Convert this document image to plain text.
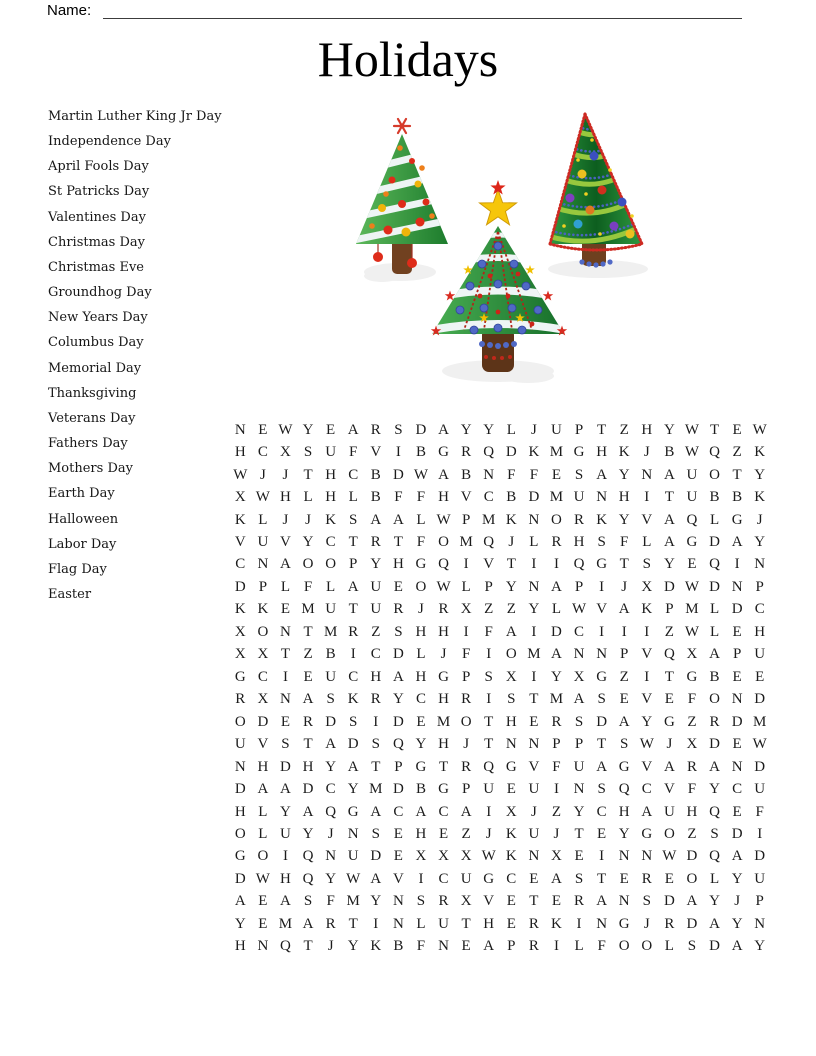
Name:
Holidays
Martin Luther King Jr Day
Independence Day
April Fools Day
St Patricks Day
Valentines Day
Christmas Day
Christmas Eve
Groundhog Day
New Years Day
Columbus Day
Memorial Day
Thanksgiving
Veterans Day
Fathers Day
Mothers Day
Earth Day
Halloween
Labor Day
Flag Day
Easter
N E W Y E A R S D A Y Y L	J U P T Z H Y W T E W
H C X S U F V I	B G R Q D K M G H K J B W Q Z K
W J	J	T H C B D W A B N F F E S A Y N A U O T Y
X W H L H L B F F H V C B D M U N H I	T U B B K
K L	J	J K S A A L W P M K N O R K Y V A Q L G J
V U V Y C T R T F O M Q J	L R H S F L A G D A Y
C N A O O P Y H G Q I V T	I	I Q G T S Y E Q I N
D P L F L A U E O W L P Y N A P	I	J X D W D N P
K K E M U T U R J R X Z Z Y L W V A K P M L D C
X O N T M R Z S H H I	F A I D C	I	I	I	Z W L E H
X X T Z B	I	C D L	J	F	I O M A N N P V Q X A P U
G C	I	E U C H A H G P S X I Y X G Z	I	T G B E E
R X N A S K R Y C H R	I	S T M A S E V E F O N D
O D E R D S	I D E M O T H E R S D A Y G Z R D M
U V S T A D S Q Y H J	T N N P P T S W J X D E W
N H D H Y A T P G T R Q G V F U A G V A R A N D
D A A D C Y M D B G P U E U I N S Q C V F Y C U
H L Y A Q G A C A C A I X J	Z Y C H A U H Q E F
O L U Y J N S E H E Z	J K U J	T E Y G O Z S D I
G O I Q N U D E X X X W K N X E	I N N W D Q A D
D W H Q Y W A V I	C U G C E A S T E R E O L Y U
A E A S F M Y N S R X V E T E R A N S D A Y J	P
Y E M A R T	I N L U T H E R K I N G J R D A Y N
H N Q T	J Y K B F N E A P R	I	L F O O L S D A Y
